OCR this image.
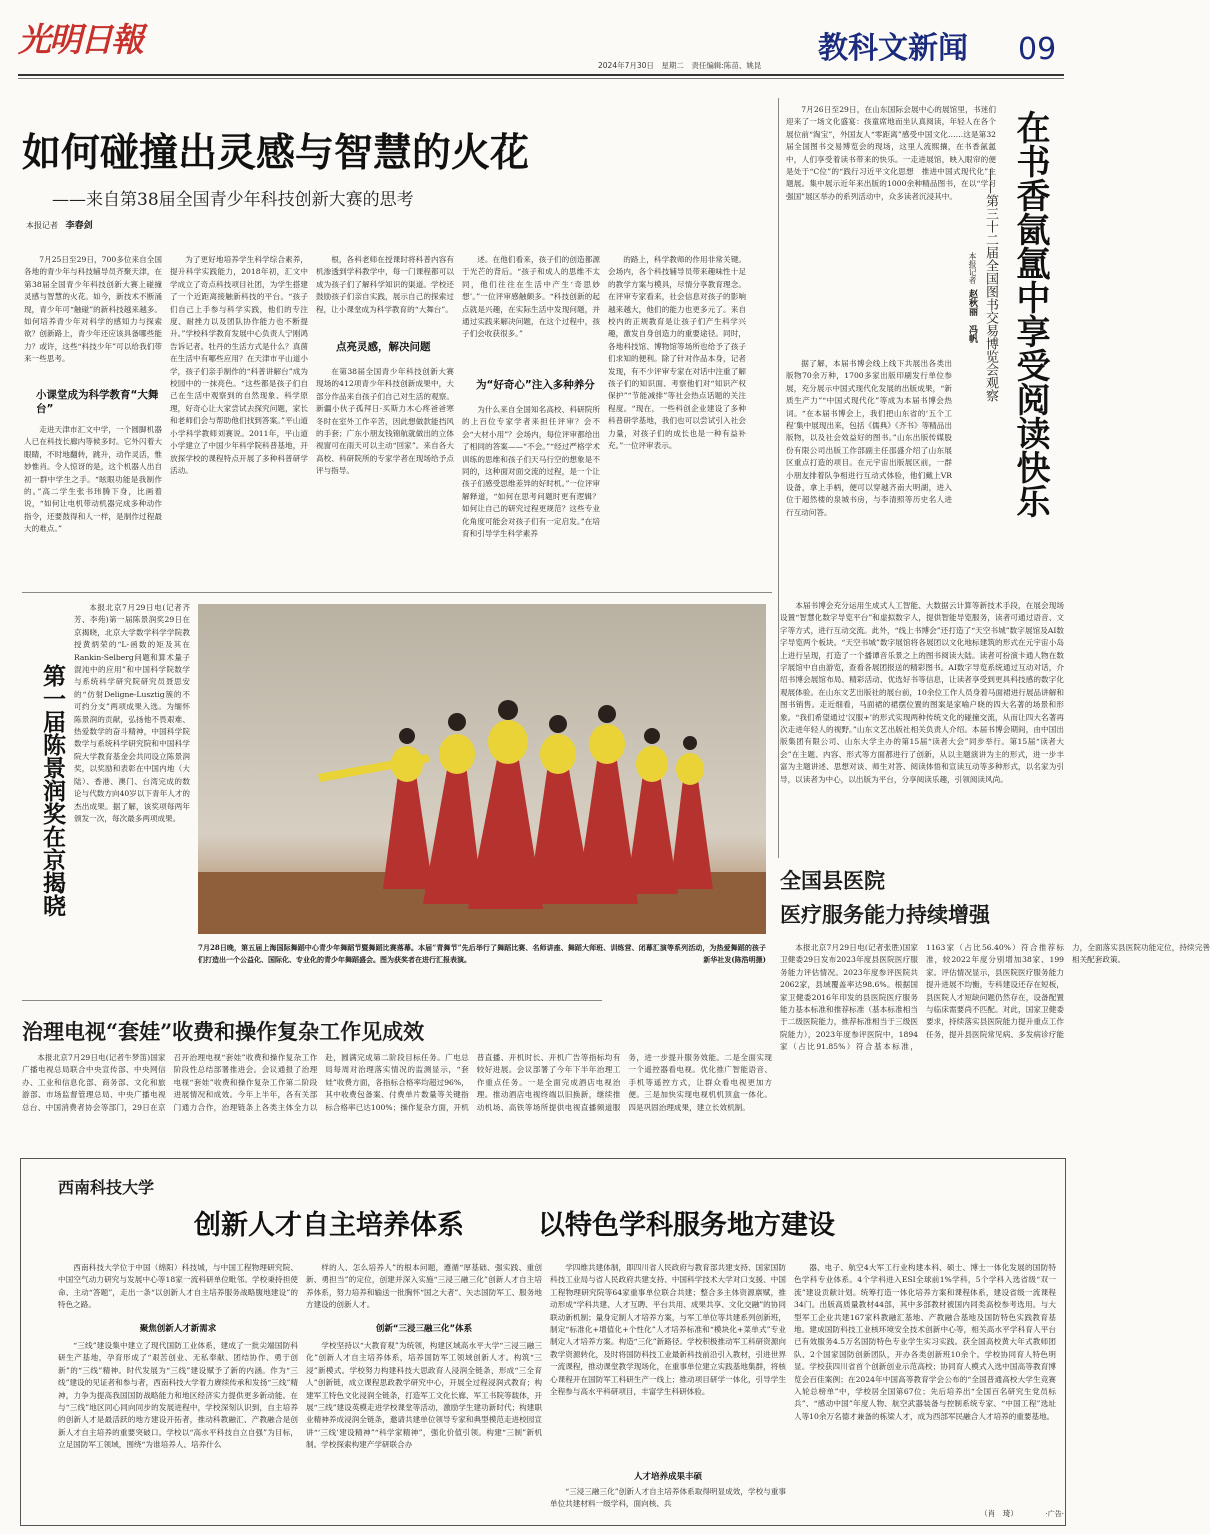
光明日報
2024年7月30日　星期二　责任编辑:陈苗、姚昆	教科文新闻	09
如何碰撞出灵感与智慧的火花
——来自第38届全国青少年科技创新大赛的思考
本报记者 李春剑

7月25日至29日，700多位来自全国各地的青少年与科技辅导员齐聚天津，在第38届全国青少年科技创新大赛上碰撞灵感与智慧的火花。如今，新技术不断涌现，青少年可“触碰”的新科技越来越多。如何培养青少年对科学的感知力与探索欲？创新路上，青少年还应该具备哪些能力？或许，这些“科技少年”可以给我们带来一些思考。

小课堂成为科学教育“大舞台”

走进天津市汇文中学，一个圆脚机器人已在科技长廊内等候多时。它外闪着大眼睛，不时地翻转，跳升，动作灵活，惟妙惟肖。令人惊讶的是，这个机器人出自初一群中学生之手。“眩眼功能是我制作的。”高二学生张书玮腾下身，比画着说，“如何让电机带动机器完成多种动作指令，还要鼓得和人一样，是制作过程最大的难点。”

为了更好地培养学生科学综合素养，提升科学实践能力，2018年初，汇文中学成立了奇点科技项目社团，为学生搭建了一个近距离接触新科技的平台。“孩子们自己上手参与科学实践，他们的专注度、耐挫力以及团队协作能力也不断提升。”学校科学教育发展中心负责人宁刚鸿告诉记者。牡丹的生活方式是什么？真菌在生活中有哪些应用？在天津市平山道小学，孩子们亲手制作的“科普讲解台”成为校园中的一抹亮色。“这些都是孩子们自己在生活中观察到的自然现象、科学原理，好奇心让大家尝试去探究问题，家长和老师们会与帮助他们找到答案。”平山道小学科学教师刘赛说。2011年，平山道小学建立了中国少年科学院科普基地，开放探学校的课程特点开展了多种科普研学活动。

根，各科老师在授课时将科普内容有机渗透到学科教学中，每一门课程都可以成为孩子们了解科学知识的渠道。学校还鼓励孩子们亲自实践，展示自己的探索过程，让小课堂成为科学教育的“大舞台”。

点亮灵感，解决问题

在第38届全国青少年科技创新大赛现场的412项青少年科技创新成果中，大部分作品来自孩子们自己对生活的观察。新疆小伙子孤拜日·买斯力木心疼爸爸寒冬时在室外工作辛苦，因此想做款能挡风的手套；广东小朋友钱锦航就做出的立体视窗可在雨天可以主动“回家”。来自各大高校、科研院所的专家学者在现场给予点评与指导。

述。在他们看来，孩子们的创造都源于光芒的背后。“孩子和成人的思维不太同，他们往往在生活中产生‘奇思妙想’。”一位评审感触颇多。“科技创新的起点就是兴趣，在实际生活中发现问题，并通过实践来解决问题，在这个过程中，孩子们会收获很多。”

为“好奇心”注入多种养分

为什么来自全国知名高校、科研院所的上百位专家学者来担任评审？会不会“大材小用”？会场内，每位评审都给出了相同的答案——“不会。”“经过严格学术训练的思维和孩子们天马行空的想象是不同的，这种面对面交流的过程，是一个让孩子们感受思维差异的好时机。”一位评审解释道，“如何在思考问题时更有逻辑？如何让自己的研究过程更规范？这些专业化角度可能会对孩子们有一定启发。”在培育和引导学生科学素养

的路上，科学教师的作用非常关键。会场内，各个科技辅导员带来趣味性十足的教学方案与模具，尽情分享教育理念。在评审专家看来，社会信息对孩子的影响越来越大，他们的能力也更多元了。来自校内的正规教育是让孩子们产生科学兴趣，激发自身创造力的重要途径。同时，各地科技馆、博物馆等场所也给予了孩子们求知的便利。除了针对作品本身，记者发现，有不少评审专家在对话中注重了解孩子们的知识面、考察他们对“知识产权保护”“节能减排”等社会热点话题的关注程度。“现在，一些科创企业建设了多种科普研学基地，我们也可以尝试引入社会力量，对孩子们的成长也是一种有益补充。”一位评审表示。

7月26日至29日，在山东国际会展中心的展馆里，书迷们迎来了一场文化盛宴：孩童席地而坐认真阅读，年轻人在各个展位前“淘宝”，外国友人“零距离”感受中国文化……这是第32届全国图书交易博览会的现场，这里人流熙攘，在书香氤氲中，人们享受着读书带来的快乐。一走进展馆，映入眼帘的便是处于“C位”的“践行习近平文化思想　推进中国式现代化”主题展。集中展示近年来出版的1000余种精品图书，在以“学习强国”展区举办的系列活动中，众多读者沉浸其中。	在书香氤氲中享受阅读快乐
——第三十二届全国图书交易博览会观察
本报记者  赵秋丽　冯帆

据了解，本届书博会线上线下共展出各类出版物70余万种，1700多家出版印刷发行单位参展，充分展示中国式现代化发展的出版成果，“新质生产力”“中国式现代化”等成为本届书博会热词。“在本届书博会上，我们把山东省的‘五个工程’集中展现出来，包括《儒典》《齐书》等精品出版物，以及社会效益好的图书。”山东出版传媒股份有限公司出版工作部副主任邵盛介绍了山东展区重点打造的项目。在元宇宙出版展区前，一群小朋友排着队争相进行互动式体验，他们戴上VR设备，拿上手柄，便可以穿越齐南大明湖，进入位于超然楼的泉城书房，与李清照等历史名人进行互动问答。

本届书博会充分运用生成式人工智能、大数据云计算等新技术手段，在展会现场设置“智慧化数字导览平台”和虚拟数字人，提供智能导览服务，读者可通过语音、文字等方式，进行互动交流。此外，“线上书博会”还打造了“天空书城”数字展馆及AI数字导览两个板块。“天空书城”数字展馆将各展团以文化地标建筑的形式在元宇宙小岛上进行呈现，打造了一个播谭音乐景之上的图书阅读大陆。读者可扮演卡通人物在数字展馆中自由游览，查看各展团报送的精彩图书。AI数字导览系统通过互动对话，介绍书博会展馆布局、精彩活动、优选好书等信息，让读者享受到更具科技感的数字化观展体验。在山东文艺出版社的展台前，10余位工作人员身着马面裙进行展品讲解和图书销售。走近细看，马面裙的裙摆位置的图案是家喻户晓的四大名著的场景和形象。“我们希望通过‘汉服+’的形式实现两种传统文化的碰撞交流，从而让四大名著再次走进年轻人的视野。”山东文艺出版社相关负责人介绍。本届书博会期间，由中国出版集团有限公司、山东大学主办的第15届“读者大会”同步举行。第15届“读者大会”在主题、内容、形式等方面都进行了创新，从以主题演讲为主的形式，进一步丰富为主题讲述、思想对谈、师生对答、阅读体悟和宣读互动等多种形式，以名家为引导，以读者为中心，以出版为平台，分享阅读乐趣，引领阅读风尚。

第一届陈景润奖在京揭晓

本报北京7月29日电(记者齐芳、李苑)第一届陈景润奖29日在京揭晓，北京大学数学科学学院教授黄炳荣的“L-函数的矩及其在Rankin-Selberg问题和算术量子混沌中的应用”和中国科学院数学与系统科学研究院研究员聂思安的“仿射Deligne-Lusztig簇的不可约分支”两项成果入选。为缅怀陈景润的贡献，弘扬他不畏艰难、热爱数学的奋斗精神，中国科学院数学与系统科学研究院和中国科学院大学教育基金会共同设立陈景润奖，以奖励和表彰在中国内地（大陆）、香港、澳门、台湾完成的数论与代数方向40岁以下青年人才的杰出成果。据了解，该奖项每两年颁发一次，每次最多两项成果。

7月28日晚，第五届上海国际舞蹈中心青少年舞蹈节暨舞蹈比赛落幕。本届“青舞节”先后举行了舞蹈比赛、名师讲座、舞蹈大师班、训练营、闭幕汇演等系列活动，为热爱舞蹈的孩子们打造出一个公益化、国际化、专业化的青少年舞蹈盛会。图为获奖者在进行汇报表演。	新华社发(陈浩明摄)
全国县医院
医疗服务能力持续增强

本报北京7月29日电(记者张胜)国家卫健委29日发布2023年度县医院医疗服务能力评估情况。2023年度参评医院共2062家，县域覆盖率达98.6%。根据国家卫健委2016年印发的县医院医疗服务能力基本标准和推荐标准（基本标准相当于二级医院能力，推荐标准相当于三级医院能力），2023年度参评医院中，1894家（占比91.85%）符合基本标准，1163家（占比56.40%）符合推荐标准，较2022年度分别增加38家、199家。评估情况显示，县医院医疗服务能力提升进展不均衡，专科建设还存在短板，县医院人才短缺问题仍然存在，设备配置与临床需要尚不匹配。对此，国家卫健委要求，持续落实县医院能力提升重点工作任务，提升县医院常见病、多发病诊疗能力，全面落实县医院功能定位，持续完善相关配套政策。

治理电视“套娃”收费和操作复杂工作见成效

本报北京7月29日电(记者牛梦笛)国家广播电视总局联合中央宣传部、中央网信办、工业和信息化部、商务部、文化和旅游部、市场监督管理总局、中央广播电视总台、中国消费者协会等部门，29日在京召开治理电视“套娃”收费和操作复杂工作阶段性总结部署推进会。会议通报了治理电视“套娃”收费和操作复杂工作第二阶段进展情况和成效。今年上半年，各有关部门通力合作，治理链条上各类主体全力以赴，圆满完成第二阶段目标任务。广电总局每周对治理落实情况的监测显示，“套娃”收费方面，各指标合格率均超过96%，其中收费包备案、付费单片数量等关键指标合格率已达100%；操作复杂方面，开机普直播、开机时长、开机广告等指标均有较好进展。会议部署了今年下半年治理工作重点任务。一是全面完成酒店电视治理。推动酒店电视终端以旧换新，继续推动机场、高铁等场所提供电视直播频道服务，进一步提升服务效能。二是全面实现一个遥控器看电视。优化推广智能语音、手机等遥控方式，让群众看电视更加方便。三是加快实现电视机机顶盒一体化。四是巩固治理成果，建立长效机制。

西南科技大学
创新人才自主培养体系	以特色学科服务地方建设

西南科技大学位于中国（绵阳）科技城，与中国工程物理研究院、中国空气动力研究与发展中心等18家一流科研单位毗邻。学校秉持担使命、主动“答题”，走出一条“以创新人才自主培养服务战略腹地建设”的特色之路。

聚焦创新人才新需求

“三线”建设集中建立了现代国防工业体系，建成了一批尖端国防科研生产基地，孕育形成了“艰苦创业、无私奉献、团结协作、勇于创新”的“三线”精神。时代发展为“三线”建设赋予了新的内涵。作为“三线”建设的见证者和参与者，西南科技大学着力赓续传承和发扬“三线”精神，力争为提高我国国防战略能力和地区经济实力提供更多新动能。在与“三线”地区同心同向同步的发展进程中，学校深刻认识到，自主培养的创新人才是最活跃的地方建设开拓者，推动科教融汇、产教融合是创新人才自主培养的重要突破口。学校以“高水平科技自立自强”为目标，立足国防军工领域，围绕“为谁培养人、培养什么

样的人、怎么培养人”的根本问题，遵循“厚基础、强实践、重创新、勇担当”的定位，创建并深入实施“三浸三融三化”创新人才自主培养体系，努力培养和输送一批胸怀“国之大者”、矢志国防军工、服务地方建设的创新人才。

创新“三浸三融三化”体系

学校坚持以“大教育观”为统领，构建区域高水平大学“三浸三融三化”创新人才自主培养体系，培养国防军工领域创新人才。构筑“三浸”新模式。学校努力构建科技大思政育人浸润全链条，形成“三全育人”创新链，成立课程思政教学研究中心，开展全过程浸润式教育；构建军工特色文化浸润全链条，打造军工文化长廊、军工书院等载体，开展“三线”建设英模走进学校课堂等活动，激励学生建功新时代；构建职业精神养成浸润全链条，邀请共建单位领导专家和典型模范走进校园宣讲“‘三线’建设精神”“科学家精神”，强化价值引领。构建“三制”新机制。学校探索构建产学研联合办

学四维共建体制，即四川省人民政府与教育部共建支持、国家国防科技工业局与省人民政府共建支持、中国科学技术大学对口支援、中国工程物理研究院等64家重事单位联合共建；整合多主体资源禀赋，推动形成“学科共建、人才互聘、平台共用、成果共享、文化交融”的协同联动新机制；量身定制人才培养方案，与军工单位等共建系列创新班，制定“标准化+增值化+个性化”人才培养标准和“模块化+菜单式”专业制定人才培养方案。构造“三化”新路径。学校积极推动军工科研资源向教学资源转化，及时将国防科技工业最新科技前沿引入教材，引进世界一流课程，推动课堂教学现场化，在重事单位建立实践基地集群，将核心课程开在国防军工科研生产一线上；推动项目研学一体化，引导学生全程参与高水平科研项目，丰富学生科研体验。

人才培养成果丰硕

“三浸三融三化”创新人才自主培养体系取得明显成效，学校与重事单位共建材料一级学科，面向核、兵

器、电子、航空4大军工行业构建本科、硕士、博士一体化发展的国防特色学科专业体系。4个学科进入ESI全球前1%学科，5个学科入选省级“双一流”建设贡献计划。统筹打造一体化培养方案和课程体系，建设省级一流课程34门。出版高质量教材44部，其中多部教材被国内同类高校参考选用。与大型军工企业共建167家科教融汇基地、产教融合基地及国防特色实践教育基地。建成国防科技工业核环境安全技术创新中心等，相关高水平学科育人平台已有效服务4.5万名国防特色专业学生实习实践。获全国高校黄大年式教师团队、2个国家国防创新团队，开办各类创新班10余个。学校协同育人特色明显。学校获四川省首个创新创业示范高校；协同育人模式入选中国高等教育博览会百佳案例；在2024年中国高等教育学会公布的“全国普通高校大学生竞赛入轮总榜单”中，学校居全国第67位；先后培养出“全国百名研究生党员标兵”、“感动中国”年度人物、航空武器装备与控制系统专家、“中国工程”选址人等10余万名德才兼备的栋梁人才，成为西部军民融合人才培养的重要基地。

（肖　琦）	·广告·
